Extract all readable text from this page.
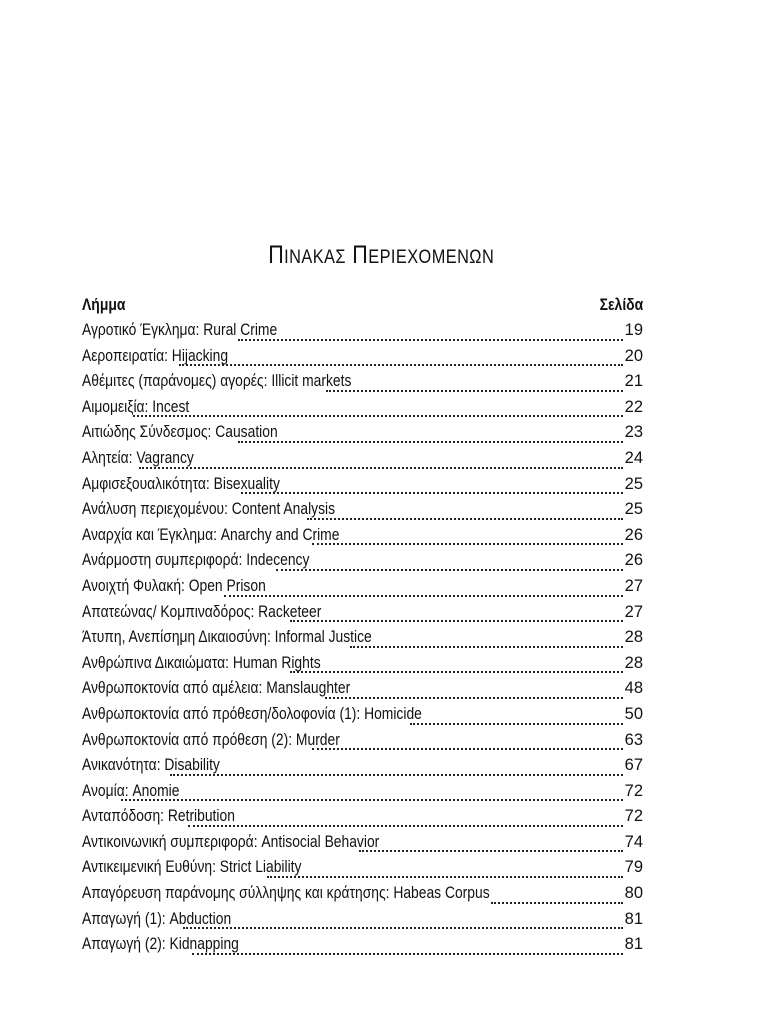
ΠΙΝΑΚΑΣ ΠΕΡΙΕΧΟΜΕΝΩΝ
Λήμμα	Σελίδα
Αγροτικό Έγκλημα: Rural Crime	19
Αεροπειρατία: Hijacking	20
Αθέμιτες (παράνομες) αγορές: Illicit markets	21
Αιμομειξία: Incest	22
Αιτιώδης Σύνδεσμος: Causation	23
Αλητεία: Vagrancy	24
Αμφισεξουαλικότητα: Bisexuality	25
Ανάλυση περιεχομένου: Content Analysis	25
Αναρχία και Έγκλημα: Anarchy and Crime	26
Ανάρμοστη συμπεριφορά: Indecency	26
Ανοιχτή Φυλακή: Open Prison	27
Απατεώνας/ Κομπιναδόρος: Racketeer	27
Άτυπη, Ανεπίσημη Δικαιοσύνη: Informal Justice	28
Ανθρώπινα Δικαιώματα: Human Rights	28
Ανθρωποκτονία από αμέλεια: Manslaughter	48
Ανθρωποκτονία από πρόθεση/δολοφονία (1): Homicide	50
Ανθρωποκτονία από πρόθεση (2): Murder	63
Ανικανότητα: Disability	67
Ανομία: Anomie	72
Ανταπόδοση: Retribution	72
Αντικοινωνική συμπεριφορά: Antisocial Behavior	74
Αντικειμενική Ευθύνη: Strict Liability	79
Απαγόρευση παράνομης σύλληψης και κράτησης: Habeas Corpus	80
Απαγωγή (1): Abduction	81
Απαγωγή (2): Kidnapping	81
